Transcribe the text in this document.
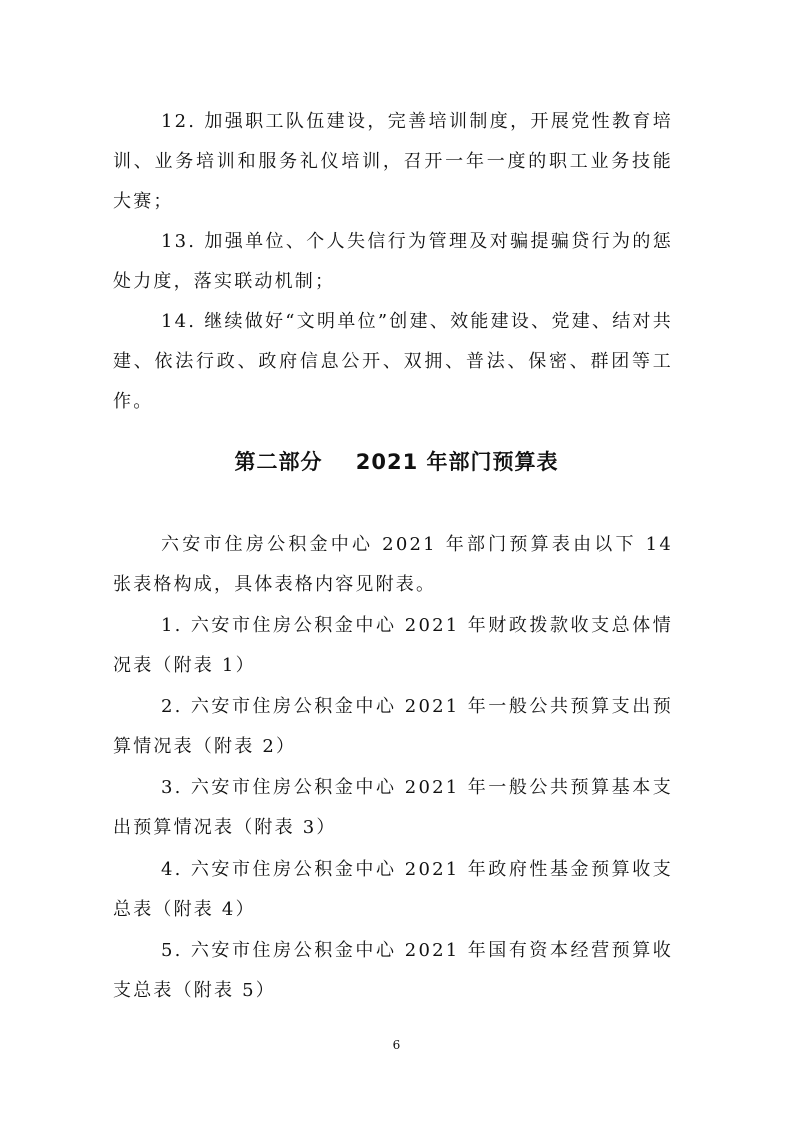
12. 加强职工队伍建设，完善培训制度，开展党性教育培训、业务培训和服务礼仪培训，召开一年一度的职工业务技能大赛；

13. 加强单位、个人失信行为管理及对骗提骗贷行为的惩处力度，落实联动机制；

14. 继续做好“文明单位”创建、效能建设、党建、结对共建、依法行政、政府信息公开、双拥、普法、保密、群团等工作。

第二部分    2021 年部门预算表

六安市住房公积金中心 2021 年部门预算表由以下 14 张表格构成，具体表格内容见附表。

1. 六安市住房公积金中心 2021 年财政拨款收支总体情况表（附表 1）

2. 六安市住房公积金中心 2021 年一般公共预算支出预算情况表（附表 2）

3. 六安市住房公积金中心 2021 年一般公共预算基本支出预算情况表（附表 3）

4. 六安市住房公积金中心 2021 年政府性基金预算收支总表（附表 4）

5. 六安市住房公积金中心 2021 年国有资本经营预算收支总表（附表 5）

6
